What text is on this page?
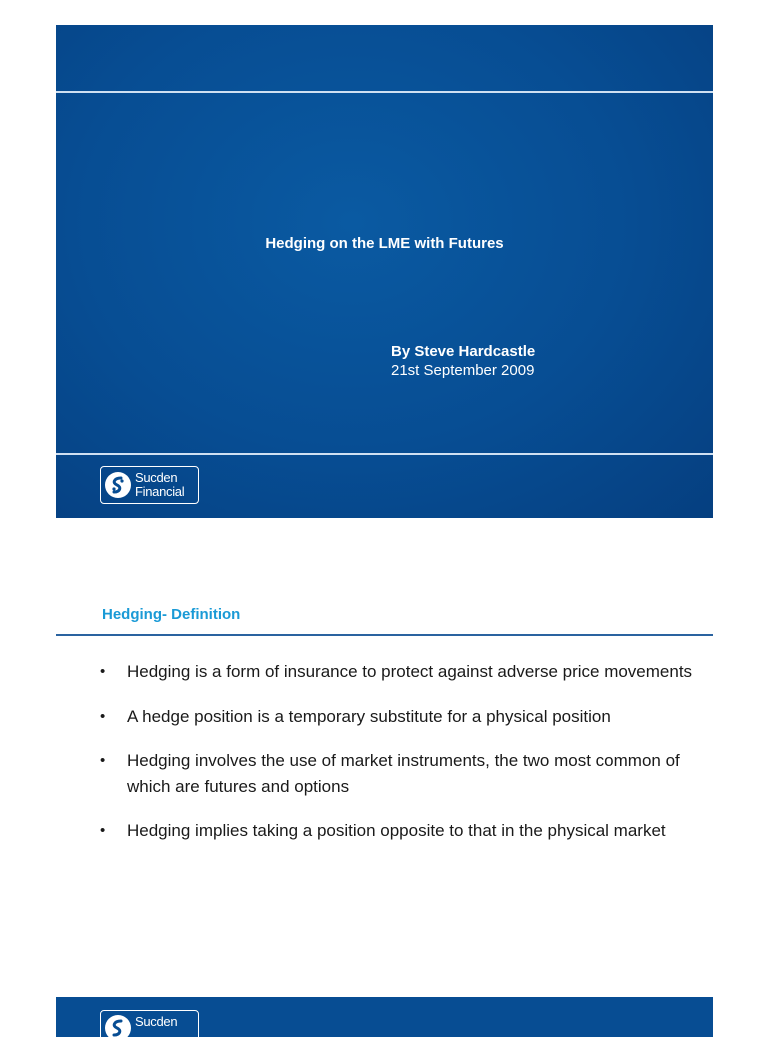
Hedging on the LME with Futures
By Steve Hardcastle
21st September 2009
Sucden
Financial
Hedging- Definition
• Hedging is a form of insurance to protect against adverse price movements
• A hedge position is a temporary substitute for a physical position
• Hedging involves the use of market instruments, the two most common of which are futures and options
• Hedging implies taking a position opposite to that in the physical market
Sucden
